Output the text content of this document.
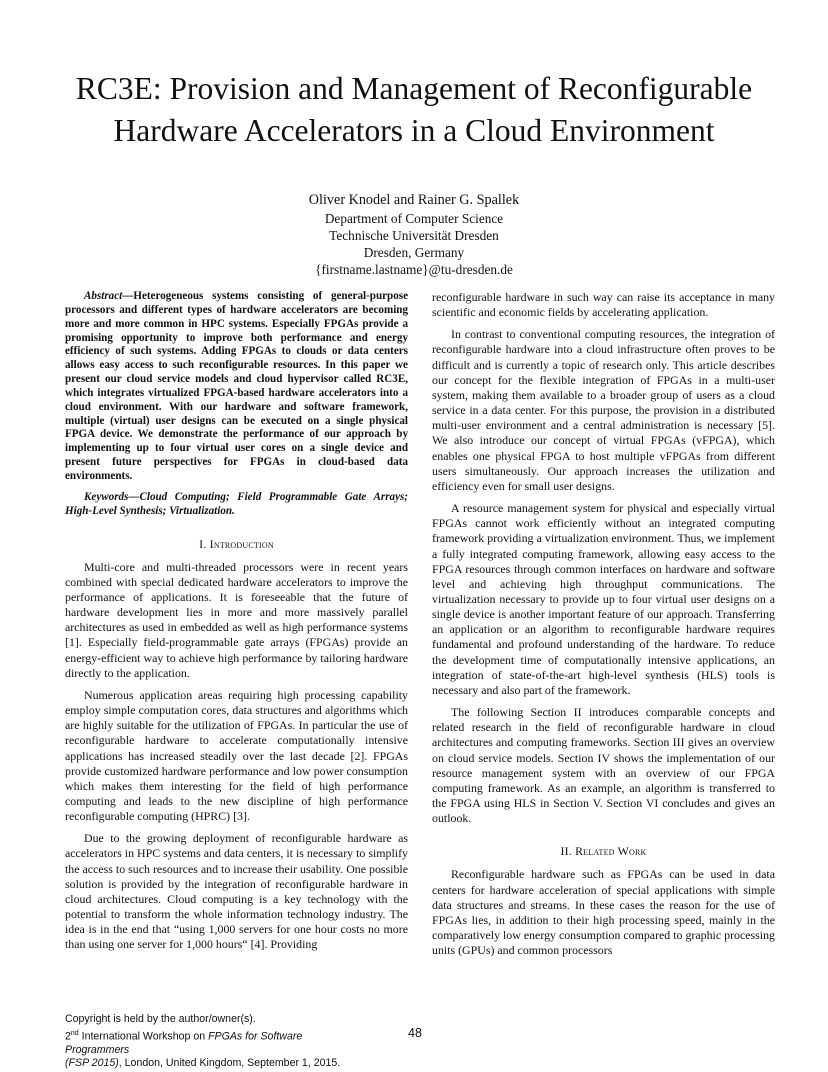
RC3E: Provision and Management of Reconfigurable Hardware Accelerators in a Cloud Environment
Oliver Knodel and Rainer G. Spallek
Department of Computer Science
Technische Universität Dresden
Dresden, Germany
{firstname.lastname}@tu-dresden.de
Abstract—Heterogeneous systems consisting of general-purpose processors and different types of hardware accelerators are becoming more and more common in HPC systems. Especially FPGAs provide a promising opportunity to improve both performance and energy efficiency of such systems. Adding FPGAs to clouds or data centers allows easy access to such reconfigurable resources. In this paper we present our cloud service models and cloud hypervisor called RC3E, which integrates virtualized FPGA-based hardware accelerators into a cloud environment. With our hardware and software framework, multiple (virtual) user designs can be executed on a single physical FPGA device. We demonstrate the performance of our approach by implementing up to four virtual user cores on a single device and present future perspectives for FPGAs in cloud-based data environments.
Keywords—Cloud Computing; Field Programmable Gate Arrays; High-Level Synthesis; Virtualization.
I. Introduction

Multi-core and multi-threaded processors were in recent years combined with special dedicated hardware accelerators to improve the performance of applications. It is foreseeable that the future of hardware development lies in more and more massively parallel architectures as used in embedded as well as high performance systems [1]. Especially field-programmable gate arrays (FPGAs) provide an energy-efficient way to achieve high performance by tailoring hardware directly to the application.

Numerous application areas requiring high processing capability employ simple computation cores, data structures and algorithms which are highly suitable for the utilization of FPGAs. In particular the use of reconfigurable hardware to accelerate computationally intensive applications has increased steadily over the last decade [2]. FPGAs provide customized hardware performance and low power consumption which makes them interesting for the field of high performance computing and leads to the new discipline of high performance reconfigurable computing (HPRC) [3].

Due to the growing deployment of reconfigurable hardware as accelerators in HPC systems and data centers, it is necessary to simplify the access to such resources and to increase their usability. One possible solution is provided by the integration of reconfigurable hardware in cloud architectures. Cloud computing is a key technology with the potential to transform the whole information technology industry. The idea is in the end that “using 1,000 servers for one hour costs no more than using one server for 1,000 hours“ [4]. Providing

reconfigurable hardware in such way can raise its acceptance in many scientific and economic fields by accelerating application.

In contrast to conventional computing resources, the integration of reconfigurable hardware into a cloud infrastructure often proves to be difficult and is currently a topic of research only. This article describes our concept for the flexible integration of FPGAs in a multi-user system, making them available to a broader group of users as a cloud service in a data center. For this purpose, the provision in a distributed multi-user environment and a central administration is necessary [5]. We also introduce our concept of virtual FPGAs (vFPGA), which enables one physical FPGA to host multiple vFPGAs from different users simultaneously. Our approach increases the utilization and efficiency even for small user designs.

A resource management system for physical and especially virtual FPGAs cannot work efficiently without an integrated computing framework providing a virtualization environment. Thus, we implement a fully integrated computing framework, allowing easy access to the FPGA resources through common interfaces on hardware and software level and achieving high throughput communications. The virtualization necessary to provide up to four virtual user designs on a single device is another important feature of our approach. Transferring an application or an algorithm to reconfigurable hardware requires fundamental and profound understanding of the hardware. To reduce the development time of computationally intensive applications, an integration of state-of-the-art high-level synthesis (HLS) tools is necessary and also part of the framework.

The following Section II introduces comparable concepts and related research in the field of reconfigurable hardware in cloud architectures and computing frameworks. Section III gives an overview on cloud service models. Section IV shows the implementation of our resource management system with an overview of our FPGA computing framework. As an example, an algorithm is transferred to the FPGA using HLS in Section V. Section VI concludes and gives an outlook.

II. Related Work

Reconfigurable hardware such as FPGAs can be used in data centers for hardware acceleration of special applications with simple data structures and streams. In these cases the reason for the use of FPGAs lies, in addition to their high processing speed, mainly in the comparatively low energy consumption compared to graphic processing units (GPUs) and common processors

Copyright is held by the author/owner(s).
2nd International Workshop on FPGAs for Software Programmers
(FSP 2015), London, United Kingdom, September 1, 2015.
48
